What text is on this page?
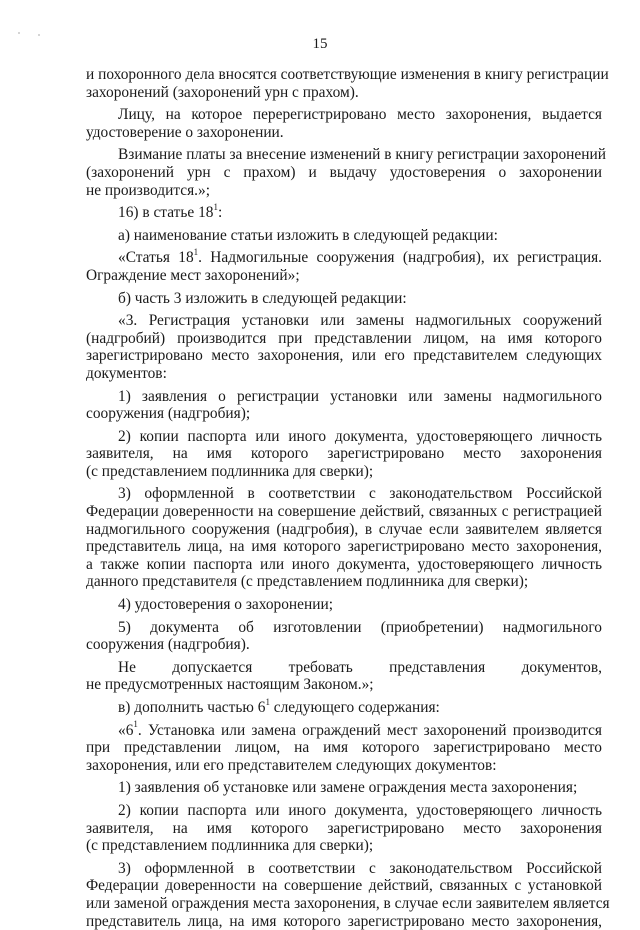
15
и похоронного дела вносятся соответствующие изменения в книгу регистрации
захоронений (захоронений урн с прахом).
Лицу, на которое перерегистрировано место захоронения, выдается
удостоверение о захоронении.
Взимание платы за внесение изменений в книгу регистрации захоронений
(захоронений урн с прахом) и выдачу удостоверения о захоронении
не производится.»;
16) в статье $18^1$:
а) наименование статьи изложить в следующей редакции:
«Статья $18^1$. Надмогильные сооружения (надгробия), их регистрация.
Ограждение мест захоронений»;
б) часть 3 изложить в следующей редакции:
«3. Регистрация установки или замены надмогильных сооружений
(надгробий) производится при представлении лицом, на имя которого
зарегистрировано место захоронения, или его представителем следующих
документов:
1) заявления о регистрации установки или замены надмогильного
сооружения (надгробия);
2) копии паспорта или иного документа, удостоверяющего личность
заявителя, на имя которого зарегистрировано место захоронения
(с представлением подлинника для сверки);
3) оформленной в соответствии с законодательством Российской
Федерации доверенности на совершение действий, связанных с регистрацией
надмогильного сооружения (надгробия), в случае если заявителем является
представитель лица, на имя которого зарегистрировано место захоронения,
а также копии паспорта или иного документа, удостоверяющего личность
данного представителя (с представлением подлинника для сверки);
4) удостоверения о захоронении;
5) документа об изготовлении (приобретении) надмогильного
сооружения (надгробия).
Не допускается требовать представления документов,
не предусмотренных настоящим Законом.»;
в) дополнить частью $6^1$ следующего содержания:
«$6^1$. Установка или замена ограждений мест захоронений производится
при представлении лицом, на имя которого зарегистрировано место
захоронения, или его представителем следующих документов:
1) заявления об установке или замене ограждения места захоронения;
2) копии паспорта или иного документа, удостоверяющего личность
заявителя, на имя которого зарегистрировано место захоронения
(с представлением подлинника для сверки);
3) оформленной в соответствии с законодательством Российской
Федерации доверенности на совершение действий, связанных с установкой
или заменой ограждения места захоронения, в случае если заявителем является
представитель лица, на имя которого зарегистрировано место захоронения,
